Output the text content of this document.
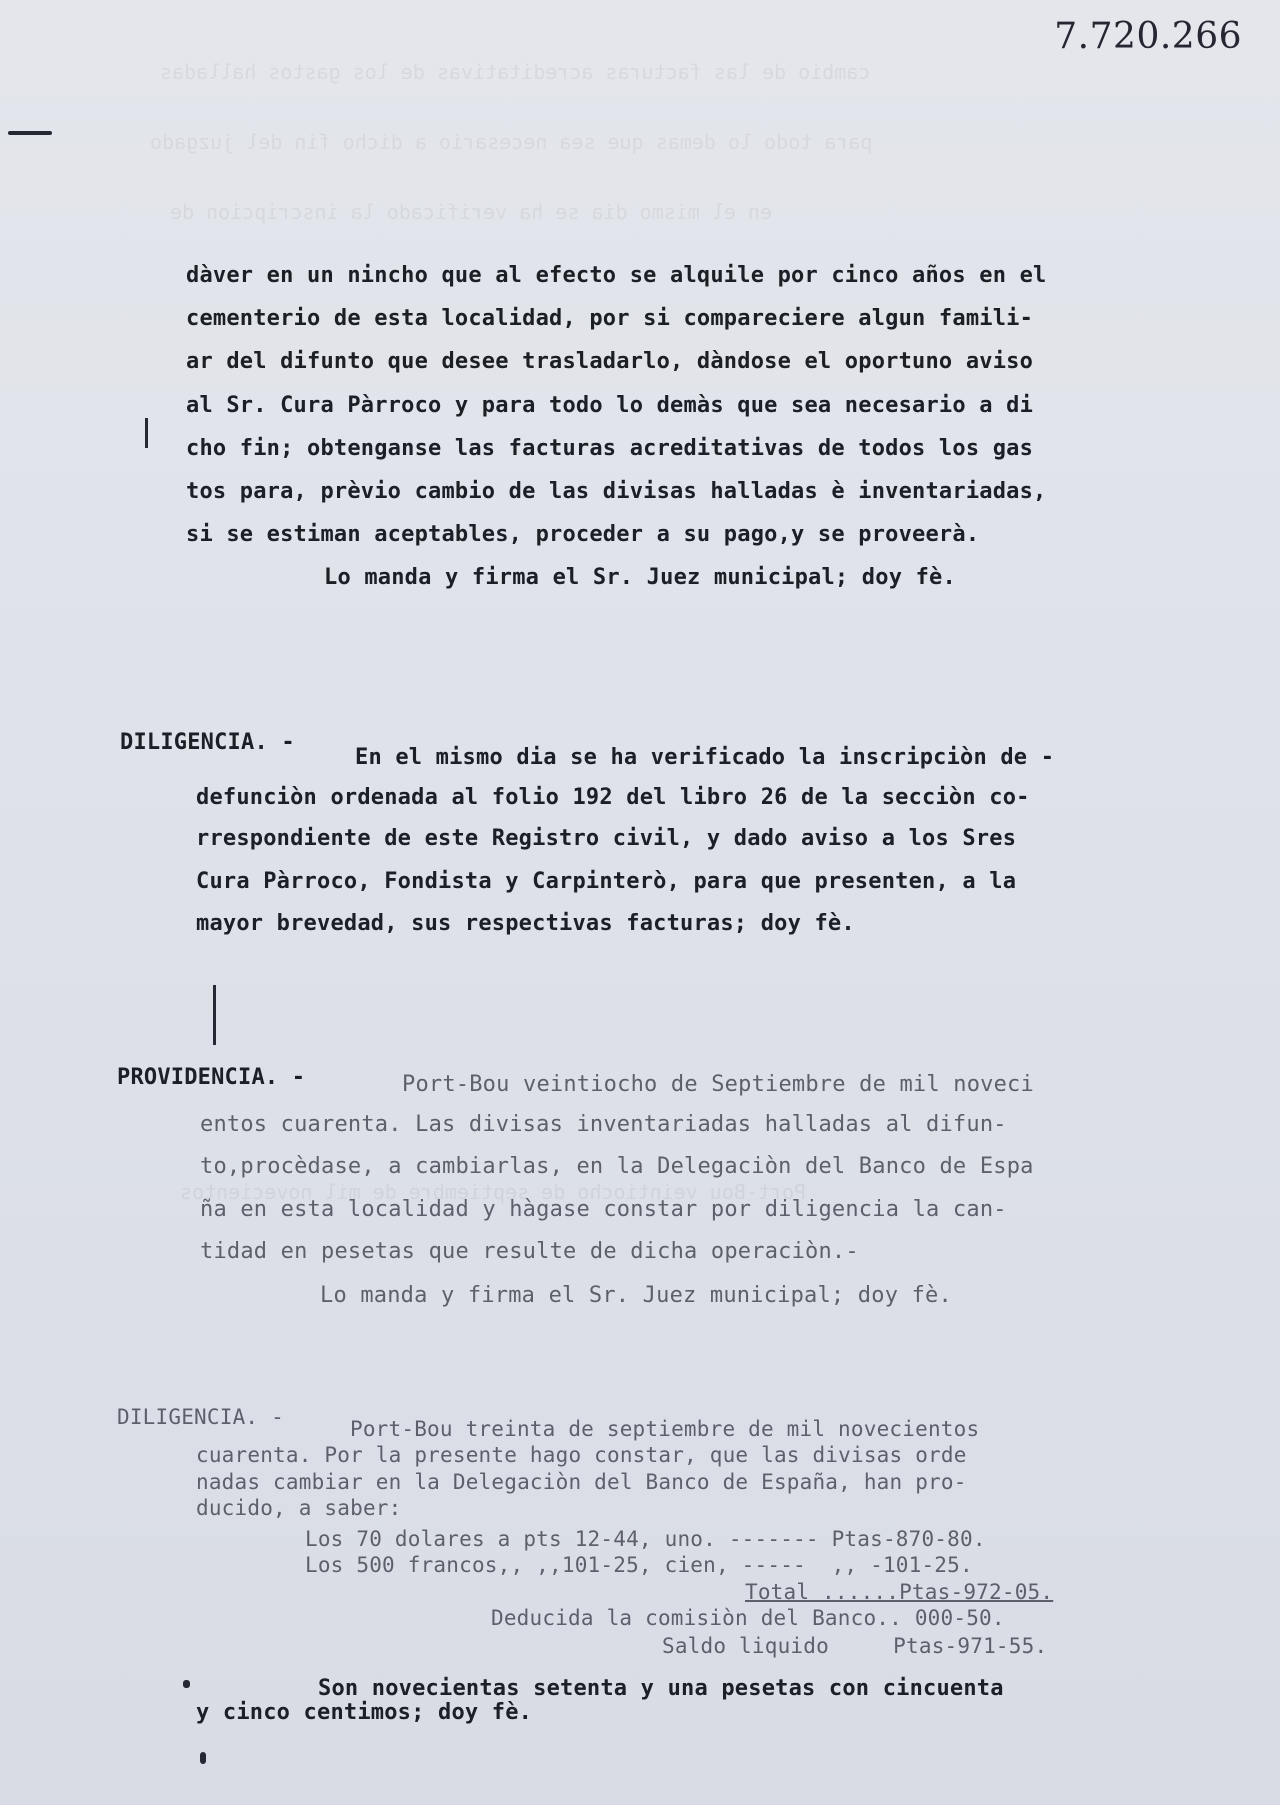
cambio de las facturas acreditativas de los gastos halladas
para todo lo demas que sea necesario a dicho fin del juzgado
en el mismo dia se ha verificado la inscripcion de
Port-Bou veintiocho de septiembre de mil novecientos
7.720.266
dàver en un nincho que al efecto se alquile por cinco años en el
cementerio de esta localidad, por si compareciere algun famili-
ar del difunto que desee trasladarlo, dàndose el oportuno aviso
al Sr. Cura Pàrroco y para todo lo demàs que sea necesario a di
cho fin; obtenganse las facturas acreditativas de todos los gas
tos para, prèvio cambio de las divisas halladas è inventariadas,
si se estiman aceptables, proceder a su pago,y se proveerà.
Lo manda y firma el Sr. Juez municipal; doy fè.
DILIGENCIA. -
En el mismo dia se ha verificado la inscripciòn de -
defunciòn ordenada al folio 192 del libro 26 de la secciòn co-
rrespondiente de este Registro civil, y dado aviso a los Sres
Cura Pàrroco, Fondista y Carpinterò, para que presenten, a la
mayor brevedad, sus respectivas facturas; doy fè.
PROVIDENCIA. -	Port-Bou veintiocho de Septiembre de mil noveci
entos cuarenta. Las divisas inventariadas halladas al difun-
to,procèdase, a cambiarlas, en la Delegaciòn del Banco de Espa
ña en esta localidad y hàgase constar por diligencia la can-
tidad en pesetas que resulte de dicha operaciòn.-
Lo manda y firma el Sr. Juez municipal; doy fè.
DILIGENCIA. -	Port-Bou treinta de septiembre de mil novecientos
cuarenta. Por la presente hago constar, que las divisas orde
nadas cambiar en la Delegaciòn del Banco de España, han pro-
ducido, a saber:
Los 70 dolares a pts 12-44, uno. ------- Ptas-870-80.
Los 500 francos,, ,,101-25, cien, -----  ,, -101-25.
Total ......Ptas-972-05.
Deducida la comisiòn del Banco.. 000-50.
Saldo liquido     Ptas-971-55.
Son novecientas setenta y una pesetas con cincuenta
y cinco centimos; doy fè.
